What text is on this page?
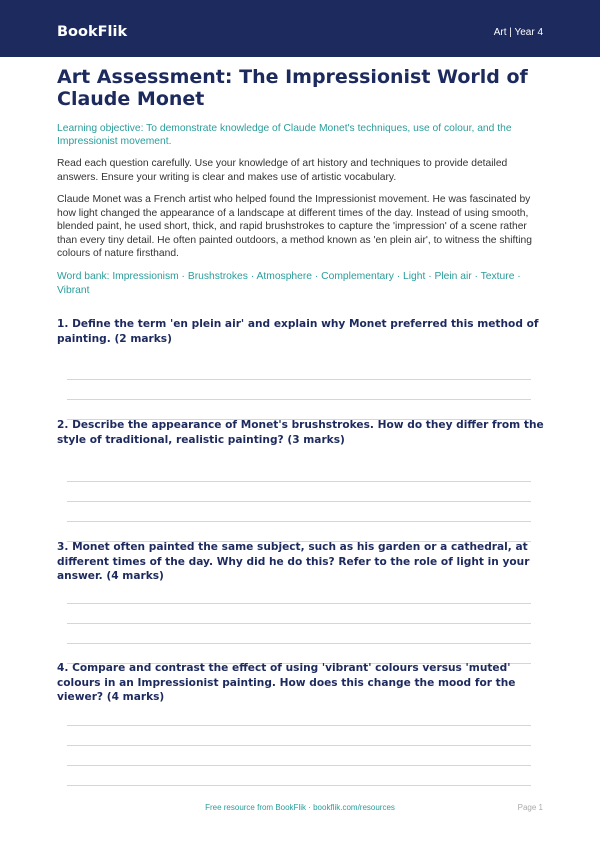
BookFlik	Art | Year 4
Art Assessment: The Impressionist World of Claude Monet

Learning objective: To demonstrate knowledge of Claude Monet's techniques, use of colour, and the Impressionist movement.

Read each question carefully. Use your knowledge of art history and techniques to provide detailed answers. Ensure your writing is clear and makes use of artistic vocabulary.

Claude Monet was a French artist who helped found the Impressionist movement. He was fascinated by how light changed the appearance of a landscape at different times of the day. Instead of using smooth, blended paint, he used short, thick, and rapid brushstrokes to capture the 'impression' of a scene rather than every tiny detail. He often painted outdoors, a method known as 'en plein air', to witness the shifting colours of nature firsthand.

Word bank: Impressionism · Brushstrokes · Atmosphere · Complementary · Light · Plein air · Texture · Vibrant

1. Define the term 'en plein air' and explain why Monet preferred this method of painting. (2 marks)

2. Describe the appearance of Monet's brushstrokes. How do they differ from the style of traditional, realistic painting? (3 marks)

3. Monet often painted the same subject, such as his garden or a cathedral, at different times of the day. Why did he do this? Refer to the role of light in your answer. (4 marks)

4. Compare and contrast the effect of using 'vibrant' colours versus 'muted' colours in an Impressionist painting. How does this change the mood for the viewer? (4 marks)

Free resource from BookFlik · bookflik.com/resources	Page 1
